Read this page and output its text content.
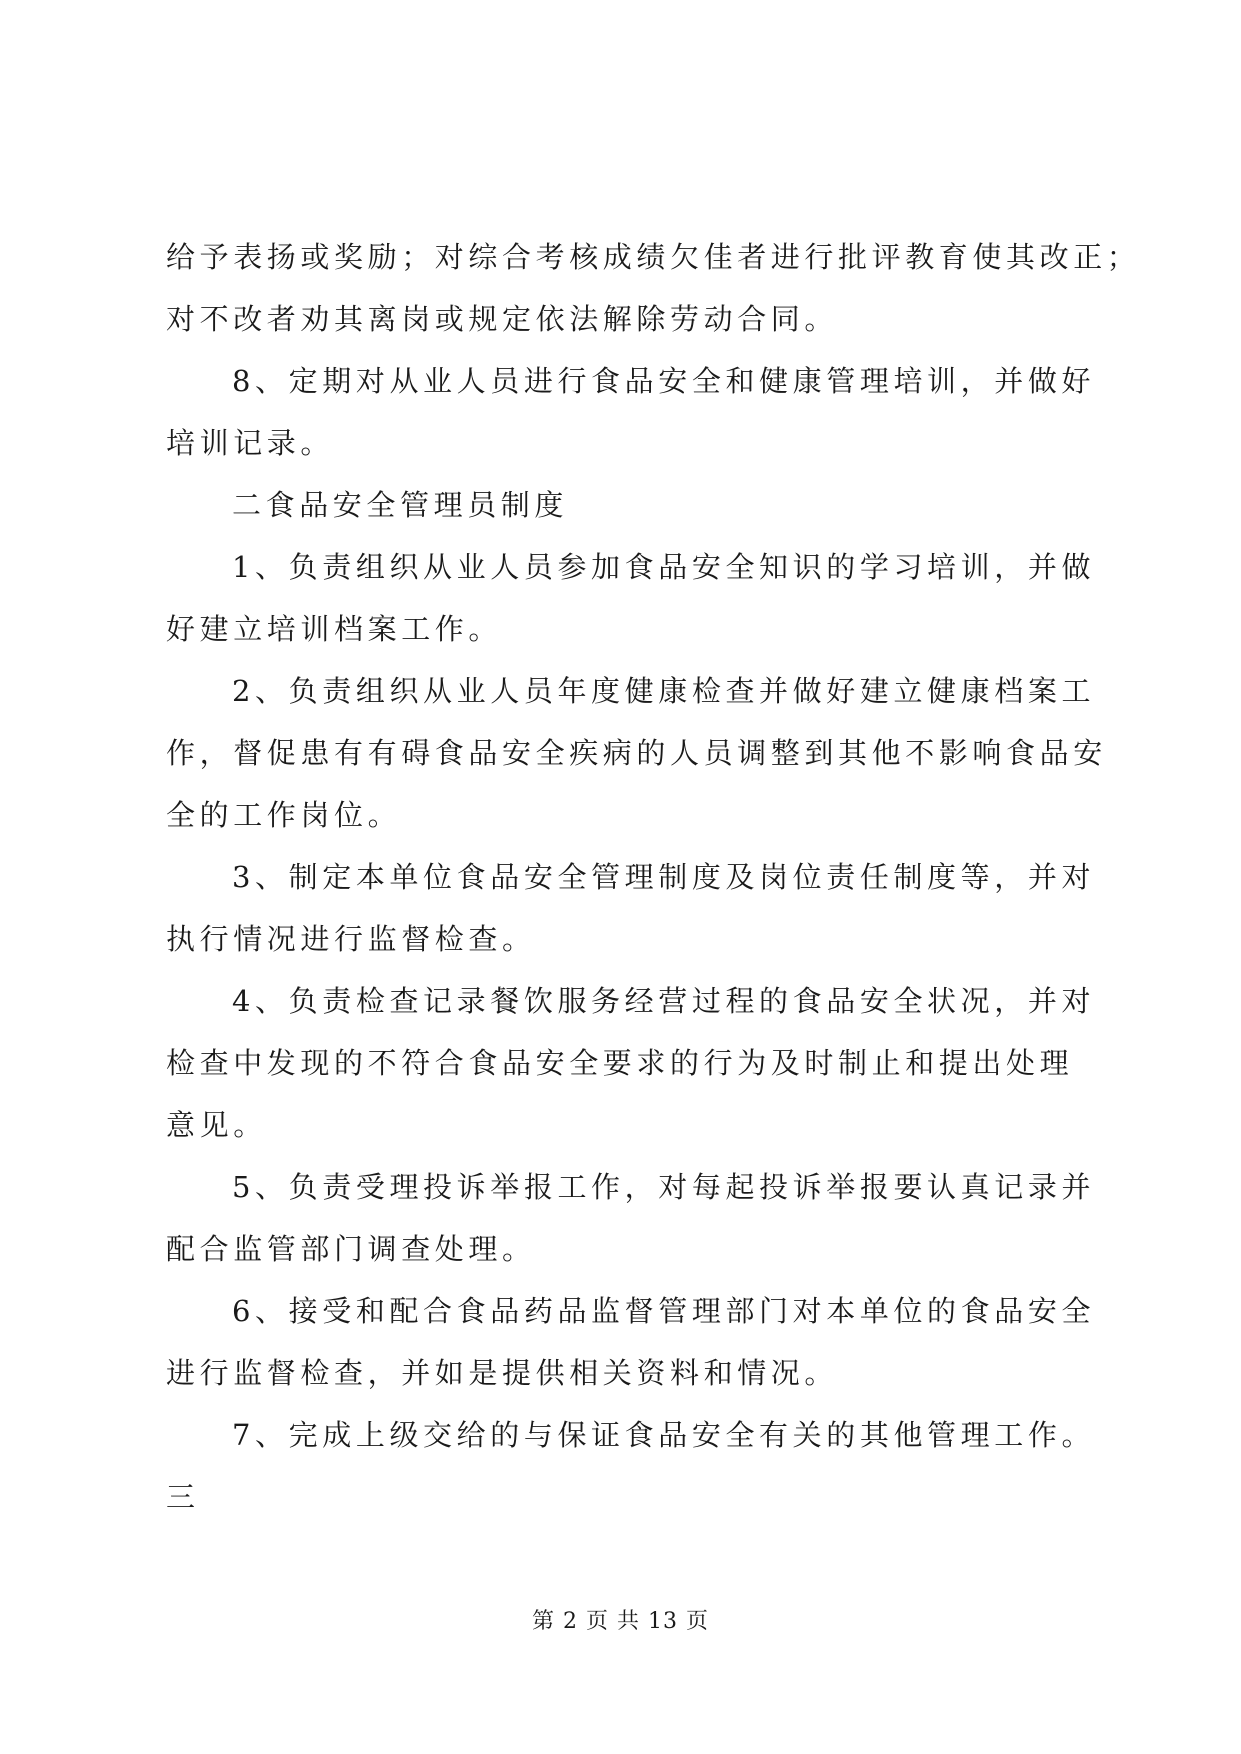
给予表扬或奖励；对综合考核成绩欠佳者进行批评教育使其改正；

对不改者劝其离岗或规定依法解除劳动合同。

8、定期对从业人员进行食品安全和健康管理培训，并做好

培训记录。

二食品安全管理员制度

1、负责组织从业人员参加食品安全知识的学习培训，并做

好建立培训档案工作。

2、负责组织从业人员年度健康检查并做好建立健康档案工

作，督促患有有碍食品安全疾病的人员调整到其他不影响食品安

全的工作岗位。

3、制定本单位食品安全管理制度及岗位责任制度等，并对

执行情况进行监督检查。

4、负责检查记录餐饮服务经营过程的食品安全状况，并对

检查中发现的不符合食品安全要求的行为及时制止和提出处理

意见。

5、负责受理投诉举报工作，对每起投诉举报要认真记录并

配合监管部门调查处理。

6、接受和配合食品药品监督管理部门对本单位的食品安全

进行监督检查，并如是提供相关资料和情况。

7、完成上级交给的与保证食品安全有关的其他管理工作。

三

第 2 页 共 13 页
